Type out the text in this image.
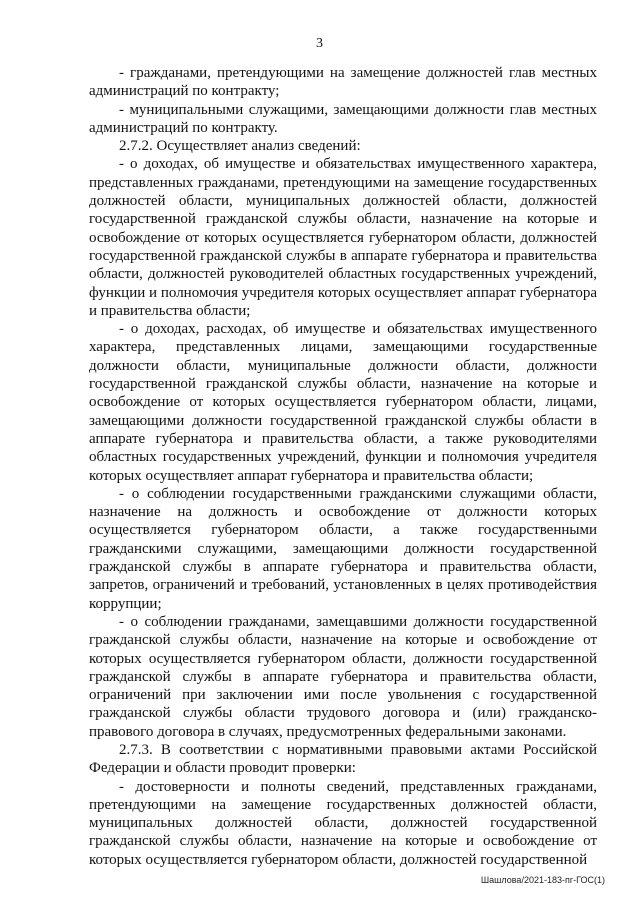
3

- гражданами, претендующими на замещение должностей глав местных администраций по контракту;

- муниципальными служащими, замещающими должности глав местных администраций по контракту.

2.7.2. Осуществляет анализ сведений:

- о доходах, об имуществе и обязательствах имущественного характера, представленных гражданами, претендующими на замещение государственных должностей области, муниципальных должностей области, должностей государственной гражданской службы области, назначение на которые и освобождение от которых осуществляется губернатором области, должностей государственной гражданской службы в аппарате губернатора и правительства области, должностей руководителей областных государственных учреждений, функции и полномочия учредителя которых осуществляет аппарат губернатора и правительства области;

- о доходах, расходах, об имуществе и обязательствах имущественного характера, представленных лицами, замещающими государственные должности области, муниципальные должности области, должности государственной гражданской службы области, назначение на которые и освобождение от которых осуществляется губернатором области, лицами, замещающими должности государственной гражданской службы области в аппарате губернатора и правительства области, а также руководителями областных государственных учреждений, функции и полномочия учредителя которых осуществляет аппарат губернатора и правительства области;

- о соблюдении государственными гражданскими служащими области, назначение на должность и освобождение от должности которых осуществляется губернатором области, а также государственными гражданскими служащими, замещающими должности государственной гражданской службы в аппарате губернатора и правительства области, запретов, ограничений и требований, установленных в целях противодействия коррупции;

- о соблюдении гражданами, замещавшими должности государственной гражданской службы области, назначение на которые и освобождение от которых осуществляется губернатором области, должности государственной гражданской службы в аппарате губернатора и правительства области, ограничений при заключении ими после увольнения с государственной гражданской службы области трудового договора и (или) гражданско-правового договора в случаях, предусмотренных федеральными законами.

2.7.3. В соответствии с нормативными правовыми актами Российской Федерации и области проводит проверки:

- достоверности и полноты сведений, представленных гражданами, претендующими на замещение государственных должностей области, муниципальных должностей области, должностей государственной гражданской службы области, назначение на которые и освобождение от которых осуществляется губернатором области, должностей государственной

Шашлова/2021-183-пг-ГОС(1)
